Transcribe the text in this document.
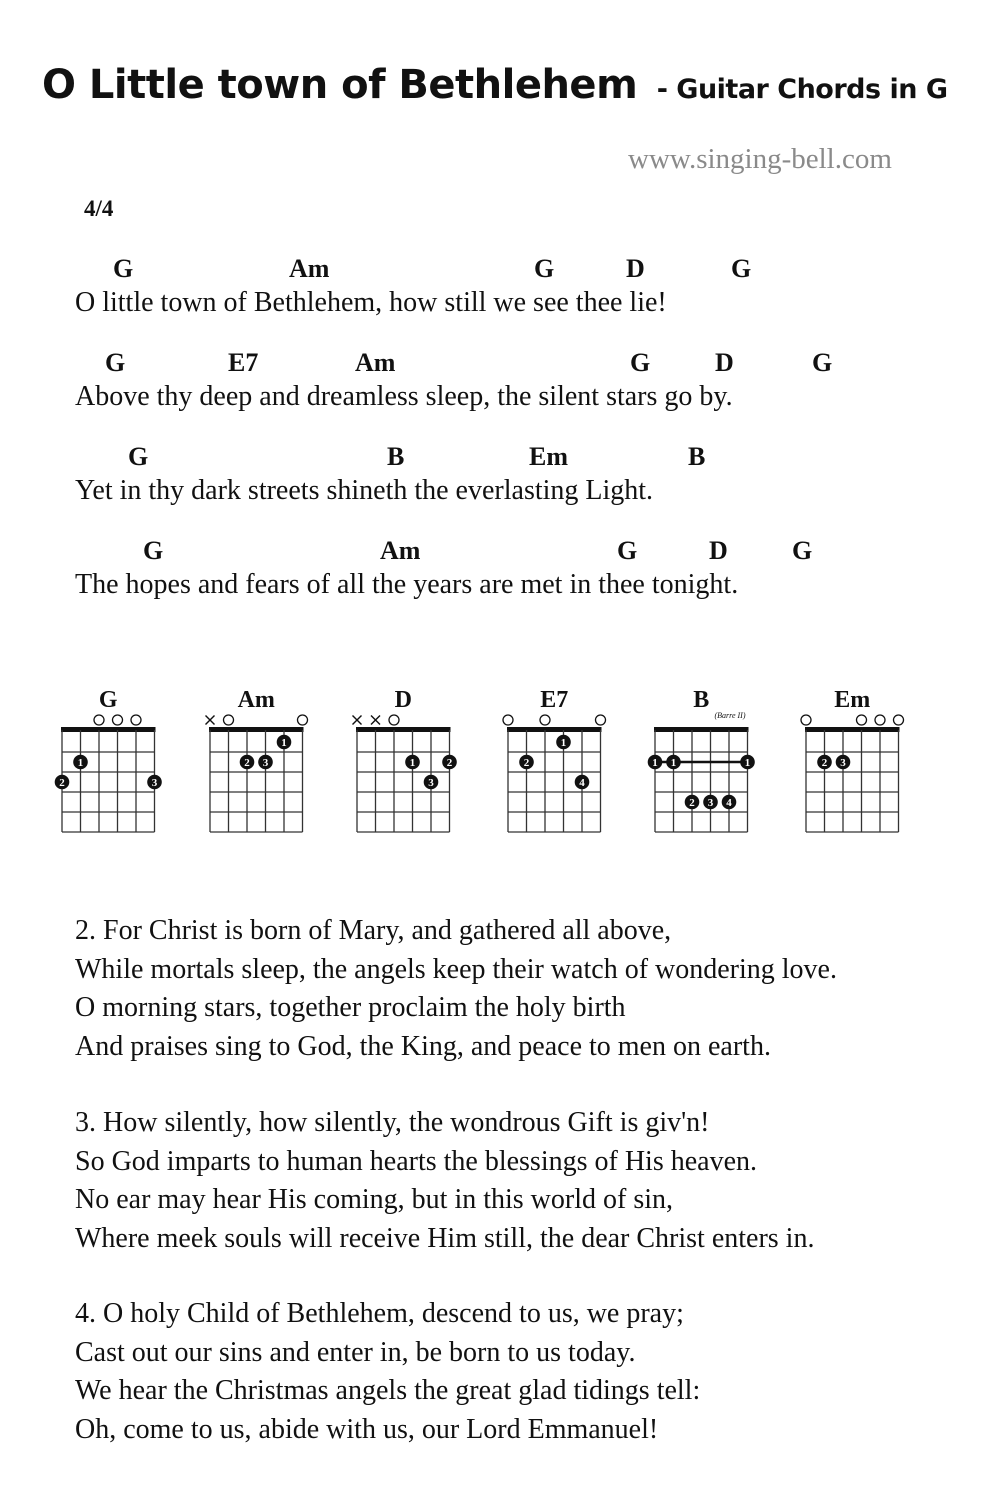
O Little town of Bethlehem - Guitar Chords in G
www.singing-bell.com
4/4
G	Am	G	D	G
O little town of Bethlehem, how still we see thee lie!
G	E7	Am	G D	G
Above thy deep and dreamless sleep, the silent stars go by.
G	B	Em	B
Yet in thy dark streets shineth the everlasting Light.
G	Am	G	D G
The hopes and fears of all the years are met in thee tonight.
G
1
2	3
Am
1
2 3
D
1	2
3
E7
1
2
4
B
(Barre II)
1 1	1
2 3 4
Em
2 3
2. For Christ is born of Mary, and gathered all above,
While mortals sleep, the angels keep their watch of wondering love.
O morning stars, together proclaim the holy birth
And praises sing to God, the King, and peace to men on earth.
3. How silently, how silently, the wondrous Gift is giv'n!
So God imparts to human hearts the blessings of His heaven.
No ear may hear His coming, but in this world of sin,
Where meek souls will receive Him still, the dear Christ enters in.
4. O holy Child of Bethlehem, descend to us, we pray;
Cast out our sins and enter in, be born to us today.
We hear the Christmas angels the great glad tidings tell:
Oh, come to us, abide with us, our Lord Emmanuel!
